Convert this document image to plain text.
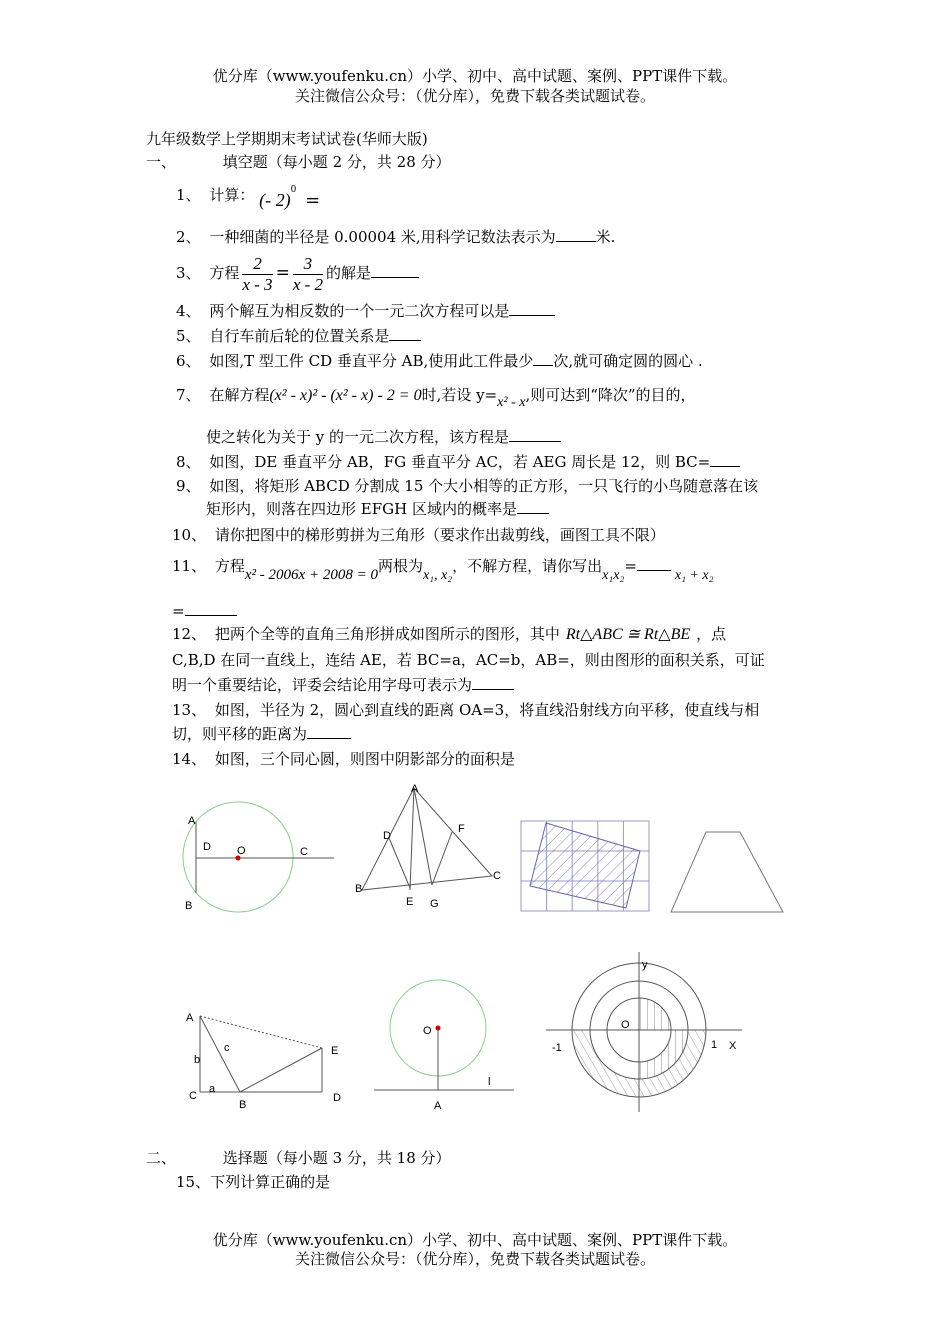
优分库（www.youfenku.cn）小学、初中、高中试题、案例、PPT课件下载。
关注微信公众号：（优分库），免费下载各类试题试卷。
九年级数学上学期期末考试试卷(华师大版)
一、	填空题（每小题 2 分，共 28 分）
1、 计算： (- 2)$^0$ =
2、 一种细菌的半径是 0.00004 米,用科学记数法表示为	米.
3、 方程 $\frac{2}{x - 3} = \frac{3}{x - 2}$ 的解是
4、 两个解互为相反数的一个一元二次方程可以是
5、 自行车前后轮的位置关系是
6、 如图,T 型工件 CD 垂直平分 AB,使用此工件最少 次,就可确定圆的圆心 .
7、 在解方程(x² - x)² - (x² - x) - 2 = 0时,若设 y=x² - x,则可达到“降次”的目的，
使之转化为关于 y 的一元二次方程，该方程是
8、 如图，DE 垂直平分 AB，FG 垂直平分 AC，若 AEG 周长是 12，则 BC=
9、 如图，将矩形 ABCD 分割成 15 个大小相等的正方形，一只飞行的小鸟随意落在该
矩形内，则落在四边形 EFGH 区域内的概率是
10、 请你把图中的梯形剪拼为三角形（要求作出裁剪线，画图工具不限）
11、 方程x² - 2006x + 2008 = 0两根为x₁, x₂，不解方程，请你写出x₁x₂=x₁ + x₂
=
12、 把两个全等的直角三角形拼成如图所示的图形，其中 Rt△ABC ≅ Rt△BE ，点
C,B,D 在同一直线上，连结 AE，若 BC=a，AC=b，AB=，则由图形的面积关系，可证
明一个重要结论，评委会结论用字母可表示为
13、 如图，半径为 2，圆心到直线的距离 OA=3，将直线沿射线方向平移，使直线与相
切，则平移的距离为
14、 如图，三个同心圆，则图中阴影部分的面积是
A
D O	C
B
A
D
F
B
E G
C
A
c	E
b
C
a
B
D
O
l
A
y
O
-1	1 X
二、	选择题（每小题 3 分，共 18 分）
15、下列计算正确的是
优分库（www.youfenku.cn）小学、初中、高中试题、案例、PPT课件下载。
关注微信公众号：（优分库），免费下载各类试题试卷。
